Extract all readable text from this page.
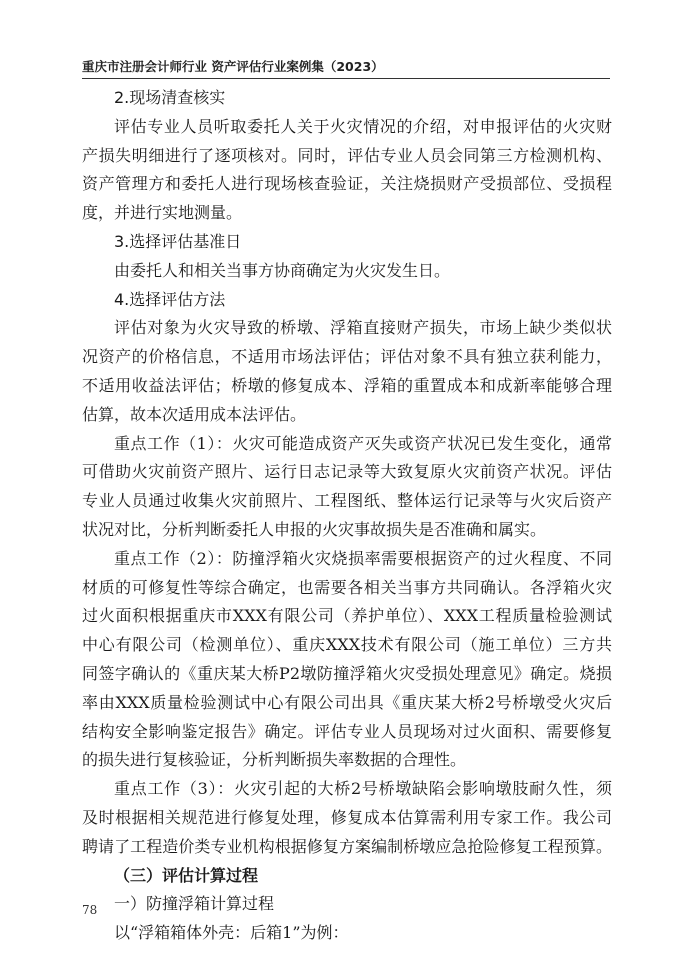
重庆市注册会计师行业 资产评估行业案例集（2023）
2.现场清查核实
评估专业人员听取委托人关于火灾情况的介绍，对申报评估的火灾财
产损失明细进行了逐项核对。同时，评估专业人员会同第三方检测机构、
资产管理方和委托人进行现场核查验证，关注烧损财产受损部位、受损程
度，并进行实地测量。
3.选择评估基准日
由委托人和相关当事方协商确定为火灾发生日。
4.选择评估方法
评估对象为火灾导致的桥墩、浮箱直接财产损失，市场上缺少类似状
况资产的价格信息，不适用市场法评估；评估对象不具有独立获利能力，
不适用收益法评估；桥墩的修复成本、浮箱的重置成本和成新率能够合理
估算，故本次适用成本法评估。
重点工作（1）：火灾可能造成资产灭失或资产状况已发生变化，通常
可借助火灾前资产照片、运行日志记录等大致复原火灾前资产状况。评估
专业人员通过收集火灾前照片、工程图纸、整体运行记录等与火灾后资产
状况对比，分析判断委托人申报的火灾事故损失是否准确和属实。
重点工作（2）：防撞浮箱火灾烧损率需要根据资产的过火程度、不同
材质的可修复性等综合确定，也需要各相关当事方共同确认。各浮箱火灾
过火面积根据重庆市XXX有限公司（养护单位）、XXX工程质量检验测试
中心有限公司（检测单位）、重庆XXX技术有限公司（施工单位）三方共
同签字确认的《重庆某大桥P2墩防撞浮箱火灾受损处理意见》确定。烧损
率由XXX质量检验测试中心有限公司出具《重庆某大桥2号桥墩受火灾后
结构安全影响鉴定报告》确定。评估专业人员现场对过火面积、需要修复
的损失进行复核验证，分析判断损失率数据的合理性。
重点工作（3）：火灾引起的大桥2号桥墩缺陷会影响墩肢耐久性，须
及时根据相关规范进行修复处理，修复成本估算需利用专家工作。我公司
聘请了工程造价类专业机构根据修复方案编制桥墩应急抢险修复工程预算。
（三）评估计算过程
一）防撞浮箱计算过程
以“浮箱箱体外壳：后箱1”为例：
78
